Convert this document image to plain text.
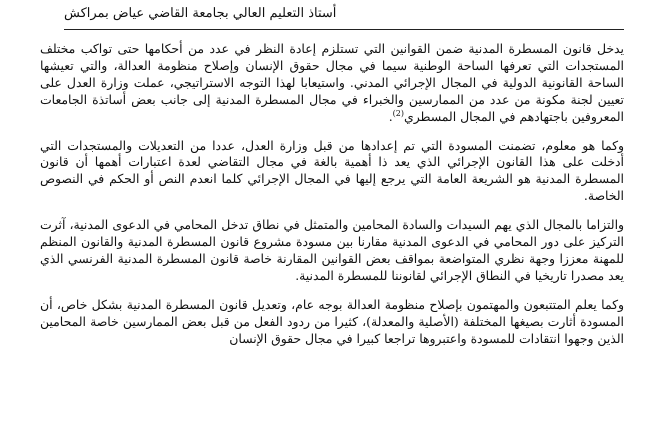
أستاذ التعليم العالي بجامعة القاضي عياض بمراكش

يدخل قانون المسطرة المدنية ضمن القوانين التي تستلزم إعادة النظر في عدد من أحكامها حتى تواكب مختلف المستجدات التي تعرفها الساحة الوطنية سيما في مجال حقوق الإنسان وإصلاح منظومة العدالة، والتي تعيشها الساحة القانونية الدولية في المجال الإجرائي المدني. واستيعابا لهذا التوجه الاستراتيجي، عملت وزارة العدل على تعيين لجنة مكونة من عدد من الممارسين والخبراء في مجال المسطرة المدنية إلى جانب بعض أساتذة الجامعات المعروفين باجتهادهم في المجال المسطري$^{(2)}$.

وكما هو معلوم، تضمنت المسودة التي تم إعدادها من قبل وزارة العدل، عددا من التعديلات والمستجدات التي أدخلت على هذا القانون الإجرائي الذي يعد ذا أهمية بالغة في مجال التقاضي لعدة اعتبارات أهمها أن قانون المسطرة المدنية هو الشريعة العامة التي يرجع إليها في المجال الإجرائي كلما انعدم النص أو الحكم في النصوص الخاصة.

والتزاما بالمجال الذي يهم السيدات والسادة المحامين والمتمثل في نطاق تدخل المحامي في الدعوى المدنية، آثرت التركيز على دور المحامي في الدعوى المدنية مقارنا بين مسودة مشروع قانون المسطرة المدنية والقانون المنظم للمهنة معززا وجهة نظري المتواضعة بمواقف بعض القوانين المقارنة خاصة قانون المسطرة المدنية الفرنسي الذي يعد مصدرا تاريخيا في النطاق الإجرائي لقانوننا للمسطرة المدنية.

وكما يعلم المتتبعون والمهتمون بإصلاح منظومة العدالة بوجه عام، وتعديل قانون المسطرة المدنية بشكل خاص، أن المسودة أثارت بصيغها المختلفة (الأصلية والمعدلة)، كثيرا من ردود الفعل من قبل بعض الممارسين خاصة المحامين الذين وجهوا انتقادات للمسودة واعتبروها تراجعا كبيرا في مجال حقوق الإنسان
